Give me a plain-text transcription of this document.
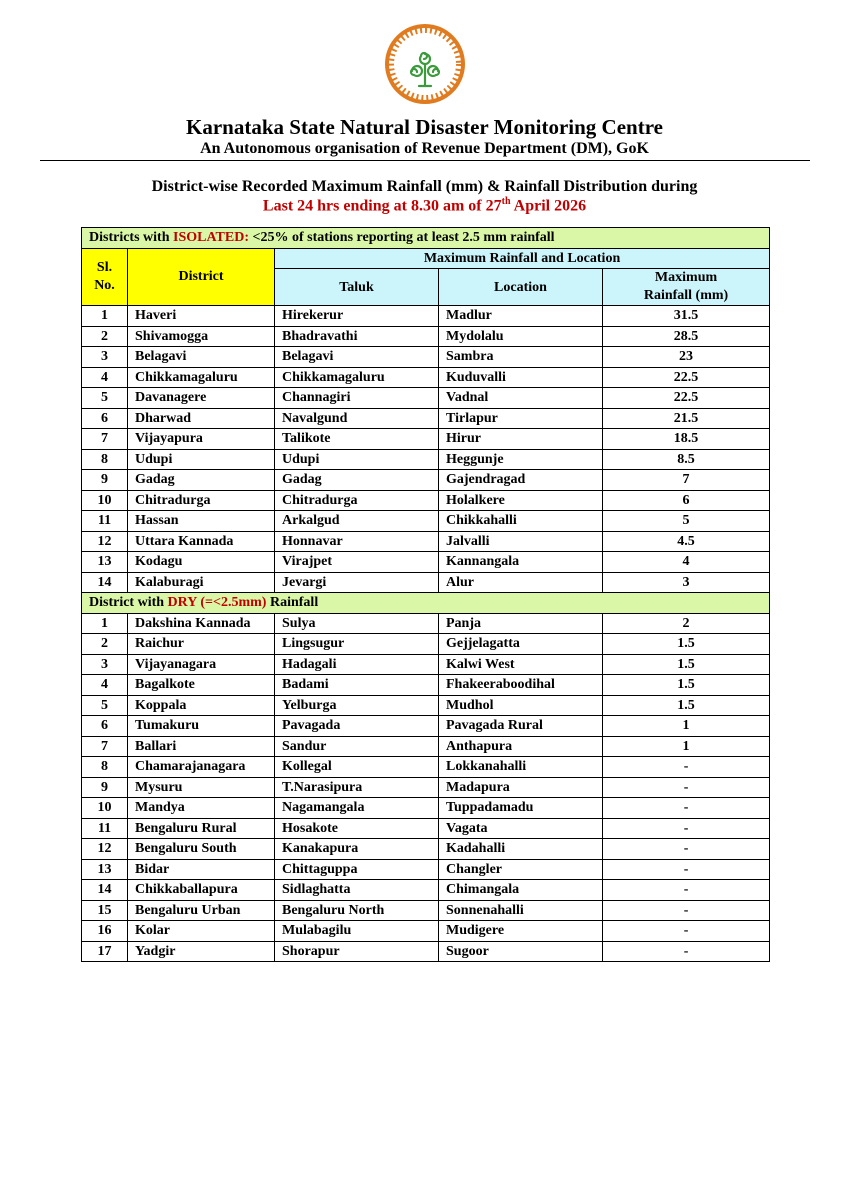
KSNDMC
Karnataka State Natural Disaster Monitoring Centre
An Autonomous organisation of Revenue Department (DM), GoK
District-wise Recorded Maximum Rainfall (mm) & Rainfall Distribution during
Last 24 hrs ending at 8.30 am of 27th April 2026
Districts with ISOLATED: <25% of stations reporting at least 2.5 mm rainfall				
Sl. No.	District	Maximum Rainfall and Location		
		Taluk	Location	Maximum Rainfall (mm)
1	Haveri	Hirekerur	Madlur	31.5
2	Shivamogga	Bhadravathi	Mydolalu	28.5
3	Belagavi	Belagavi	Sambra	23
4	Chikkamagaluru	Chikkamagaluru	Kuduvalli	22.5
5	Davanagere	Channagiri	Vadnal	22.5
6	Dharwad	Navalgund	Tirlapur	21.5
7	Vijayapura	Talikote	Hirur	18.5
8	Udupi	Udupi	Heggunje	8.5
9	Gadag	Gadag	Gajendragad	7
10	Chitradurga	Chitradurga	Holalkere	6
11	Hassan	Arkalgud	Chikkahalli	5
12	Uttara Kannada	Honnavar	Jalvalli	4.5
13	Kodagu	Virajpet	Kannangala	4
14	Kalaburagi	Jevargi	Alur	3
District with DRY (=<2.5mm) Rainfall				
1	Dakshina Kannada	Sulya	Panja	2
2	Raichur	Lingsugur	Gejjelagatta	1.5
3	Vijayanagara	Hadagali	Kalwi West	1.5
4	Bagalkote	Badami	Fhakeeraboodihal	1.5
5	Koppala	Yelburga	Mudhol	1.5
6	Tumakuru	Pavagada	Pavagada Rural	1
7	Ballari	Sandur	Anthapura	1
8	Chamarajanagara	Kollegal	Lokkanahalli	-
9	Mysuru	T.Narasipura	Madapura	-
10	Mandya	Nagamangala	Tuppadamadu	-
11	Bengaluru Rural	Hosakote	Vagata	-
12	Bengaluru South	Kanakapura	Kadahalli	-
13	Bidar	Chittaguppa	Changler	-
14	Chikkaballapura	Sidlaghatta	Chimangala	-
15	Bengaluru Urban	Bengaluru North	Sonnenahalli	-
16	Kolar	Mulabagilu	Mudigere	-
17	Yadgir	Shorapur	Sugoor	-
